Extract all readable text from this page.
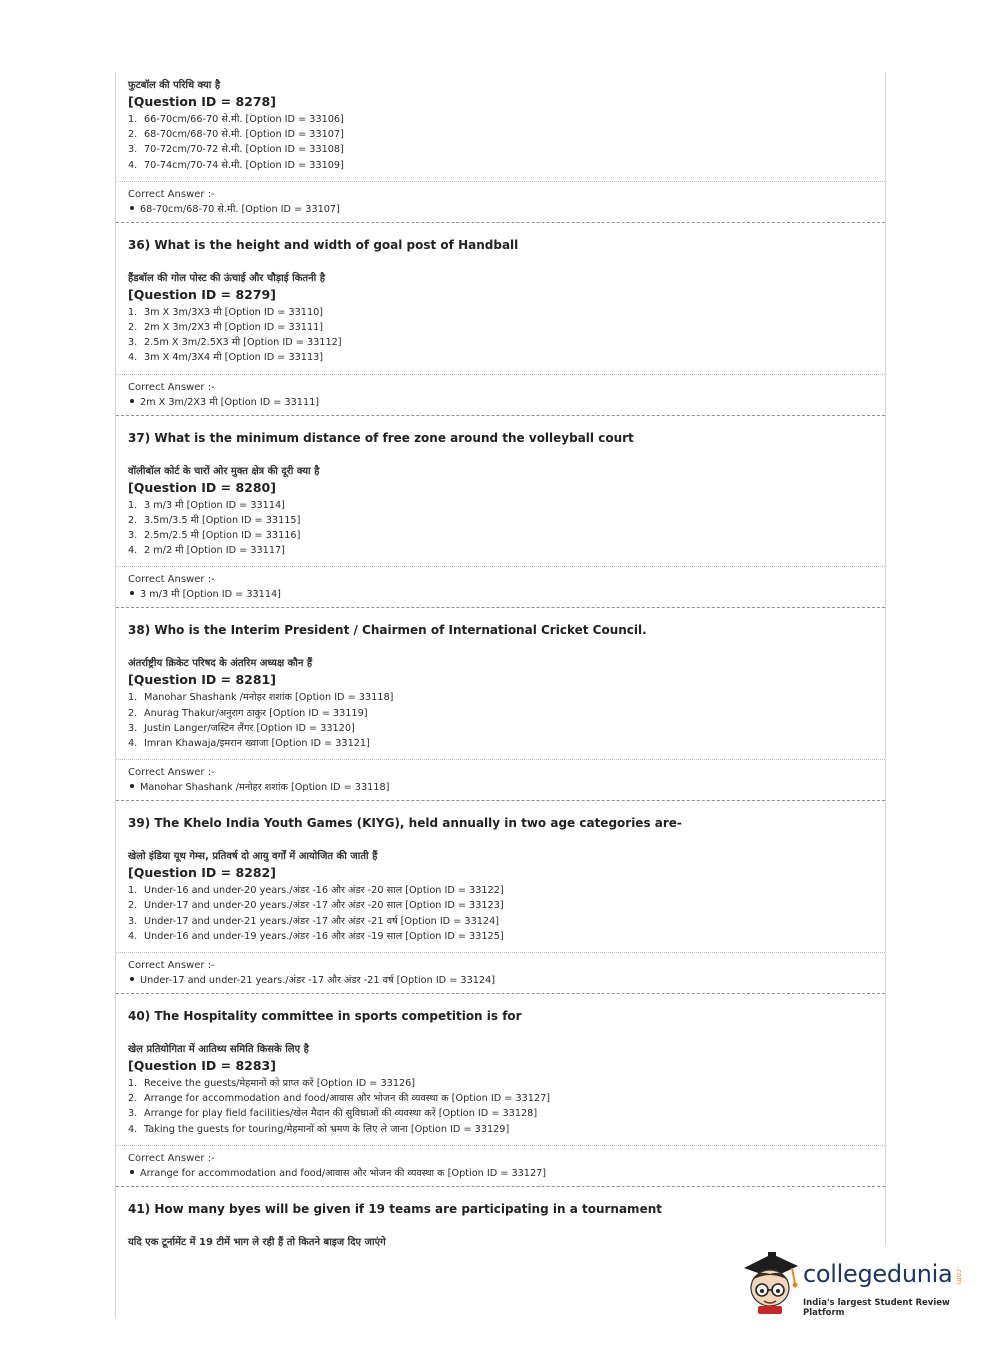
फुटबॉल की परिधि क्या है
[Question ID = 8278]
1. 66-70cm/66-70 से.मी. [Option ID = 33106]
2. 68-70cm/68-70 से.मी. [Option ID = 33107]
3. 70-72cm/70-72 से.मी. [Option ID = 33108]
4. 70-74cm/70-74 से.मी. [Option ID = 33109]
Correct Answer :-
68-70cm/68-70 से.मी. [Option ID = 33107]
36) What is the height and width of goal post of Handball
हैंडबॉल की गोल पोस्ट की ऊंचाई और चौड़ाई कितनी है
[Question ID = 8279]
1. 3m X 3m/3X3 मी [Option ID = 33110]
2. 2m X 3m/2X3 मी [Option ID = 33111]
3. 2.5m X 3m/2.5X3 मी [Option ID = 33112]
4. 3m X 4m/3X4 मी [Option ID = 33113]
Correct Answer :-
2m X 3m/2X3 मी [Option ID = 33111]
37) What is the minimum distance of free zone around the volleyball court
वॉलीबॉल कोर्ट के चारों ओर मुक्त क्षेत्र की दूरी क्या है
[Question ID = 8280]
1. 3 m/3 मी [Option ID = 33114]
2. 3.5m/3.5 मी [Option ID = 33115]
3. 2.5m/2.5 मी [Option ID = 33116]
4. 2 m/2 मी [Option ID = 33117]
Correct Answer :-
3 m/3 मी [Option ID = 33114]
38) Who is the Interim President / Chairmen of International Cricket Council.
अंतर्राष्ट्रीय क्रिकेट परिषद के अंतरिम अध्यक्ष कौन हैं
[Question ID = 8281]
1. Manohar Shashank /मनोहर शशांक [Option ID = 33118]
2. Anurag Thakur/अनुराग ठाकुर [Option ID = 33119]
3. Justin Langer/जस्टिन लैंगर [Option ID = 33120]
4. Imran Khawaja/इमरान ख्वाजा [Option ID = 33121]
Correct Answer :-
Manohar Shashank /मनोहर शशांक [Option ID = 33118]
39) The Khelo India Youth Games (KIYG), held annually in two age categories are-
खेलो इंडिया यूथ गेम्स, प्रतिवर्ष दो आयु वर्गों में आयोजित की जाती हैं
[Question ID = 8282]
1. Under-16 and under-20 years./अंडर -16 और अंडर -20 साल [Option ID = 33122]
2. Under-17 and under-20 years./अंडर -17 और अंडर -20 साल [Option ID = 33123]
3. Under-17 and under-21 years./अंडर -17 और अंडर -21 वर्ष [Option ID = 33124]
4. Under-16 and under-19 years./अंडर -16 और अंडर -19 साल [Option ID = 33125]
Correct Answer :-
Under-17 and under-21 years./अंडर -17 और अंडर -21 वर्ष [Option ID = 33124]
40) The Hospitality committee in sports competition is for
खेल प्रतियोगिता में आतिथ्य समिति किसके लिए है
[Question ID = 8283]
1. Receive the guests/मेहमानों को प्राप्त करें [Option ID = 33126]
2. Arrange for accommodation and food/आवास और भोजन की व्यवस्था क [Option ID = 33127]
3. Arrange for play field facilities/खेल मैदान की सुविधाओं की व्यवस्था करें [Option ID = 33128]
4. Taking the guests for touring/मेहमानों को भ्रमण के लिए ले जाना [Option ID = 33129]
Correct Answer :-
Arrange for accommodation and food/आवास और भोजन की व्यवस्था क [Option ID = 33127]
41) How many byes will be given if 19 teams are participating in a tournament
यदि एक टूर्नामेंट में 19 टीमें भाग ले रही हैं तो कितने बाइज दिए जाएंगे
collegedunia .com
India's largest Student Review Platform
